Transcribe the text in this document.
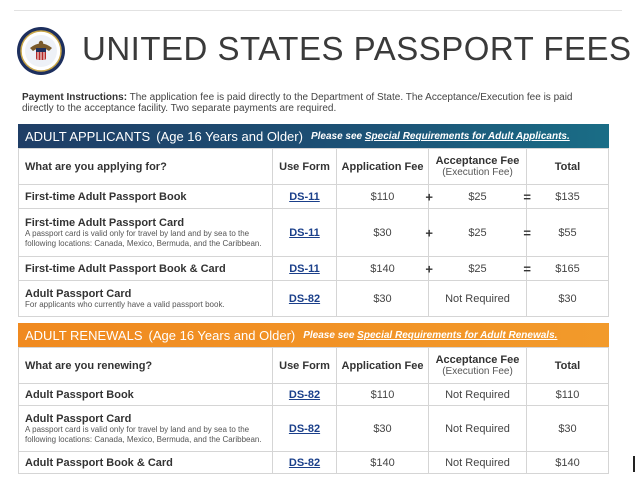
UNITED STATES PASSPORT FEES
Payment Instructions: The application fee is paid directly to the Department of State. The Acceptance/Execution fee is paid directly to the acceptance facility. Two separate payments are required.
ADULT APPLICANTS (Age 16 Years and Older) Please see Special Requirements for Adult Applicants.
What are you applying for?	Use Form	Application Fee	Acceptance Fee
(Execution Fee)	Total

First-time Adult Passport Book	DS-11	$110 +	$25 =	$135

First-time Adult Passport Card
A passport card is valid only for travel by land and by sea to the following locations: Canada, Mexico, Bermuda, and the Caribbean.	DS-11	$30 +	$25 =	$55

First-time Adult Passport Book & Card	DS-11	$140 +	$25 =	$165

Adult Passport Card
For applicants who currently have a valid passport book.	DS-82	$30	Not Required	$30
ADULT RENEWALS (Age 16 Years and Older) Please see Special Requirements for Adult Renewals.
What are you renewing?	Use Form	Application Fee	Acceptance Fee
(Execution Fee)	Total

Adult Passport Book	DS-82	$110	Not Required	$110

Adult Passport Card
A passport card is valid only for travel by land and by sea to the following locations: Canada, Mexico, Bermuda, and the Caribbean.	DS-82	$30	Not Required	$30

Adult Passport Book & Card	DS-82	$140	Not Required	$140
